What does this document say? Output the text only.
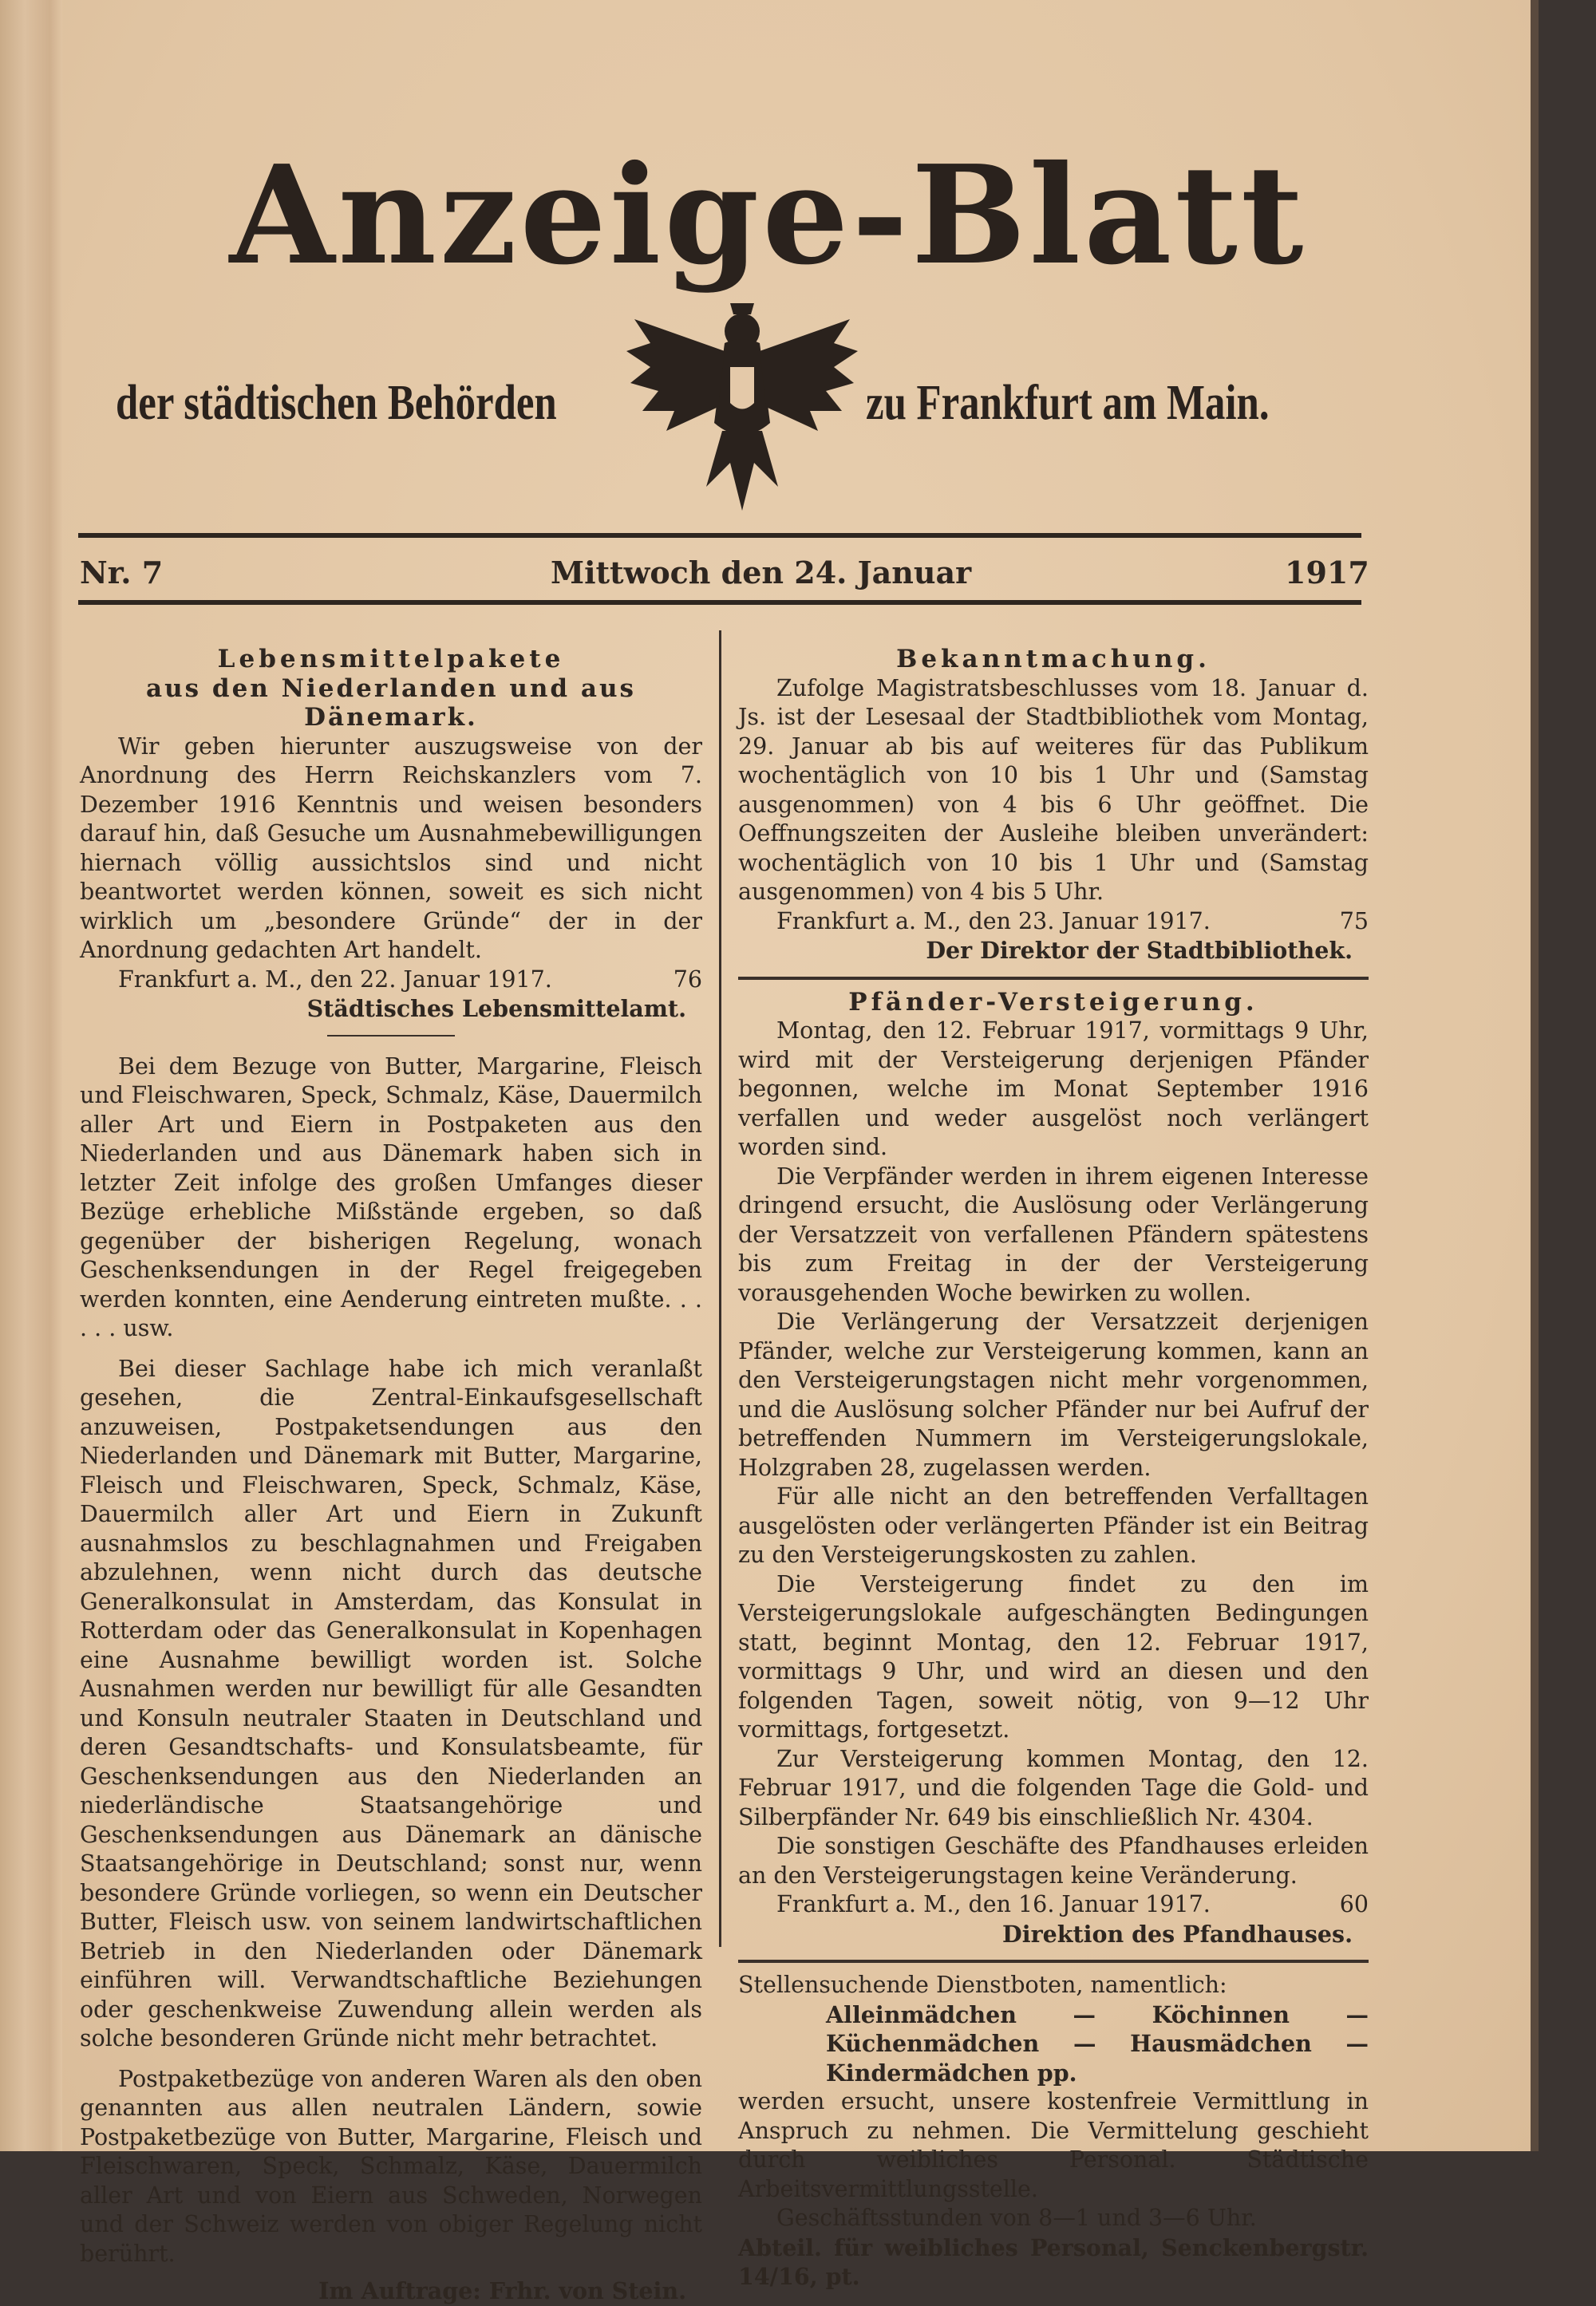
Anzeige-Blatt
der städtischen Behörden	zu Frankfurt am Main.
Nr. 7	Mittwoch den 24. Januar	1917

Lebensmittelpakete

aus den Niederlanden und aus Dänemark.

Wir geben hierunter auszugsweise von der Anordnung des Herrn Reichskanzlers vom 7. Dezember 1916 Kenntnis und weisen besonders darauf hin, daß Gesuche um Ausnahmebewilligungen hiernach völlig aussichtslos sind und nicht beantwortet werden können, soweit es sich nicht wirklich um „besondere Gründe“ der in der Anordnung gedachten Art handelt.

Frankfurt a. M., den 22. Januar 1917.	76
Städtisches Lebensmittelamt.

Bei dem Bezuge von Butter, Margarine, Fleisch und Fleischwaren, Speck, Schmalz, Käse, Dauermilch aller Art und Eiern in Postpaketen aus den Niederlanden und aus Dänemark haben sich in letzter Zeit infolge des großen Umfanges dieser Bezüge erhebliche Mißstände ergeben, so daß gegenüber der bisherigen Regelung, wonach Geschenksendungen in der Regel freigegeben werden konnten, eine Aenderung eintreten mußte. . . . . . usw.

Bei dieser Sachlage habe ich mich veranlaßt gesehen, die Zentral-Einkaufsgesellschaft anzuweisen, Postpaketsendungen aus den Niederlanden und Dänemark mit Butter, Margarine, Fleisch und Fleischwaren, Speck, Schmalz, Käse, Dauermilch aller Art und Eiern in Zukunft ausnahmslos zu beschlagnahmen und Freigaben abzulehnen, wenn nicht durch das deutsche Generalkonsulat in Amsterdam, das Konsulat in Rotterdam oder das Generalkonsulat in Kopenhagen eine Ausnahme bewilligt worden ist. Solche Ausnahmen werden nur bewilligt für alle Gesandten und Konsuln neutraler Staaten in Deutschland und deren Gesandtschafts- und Konsulatsbeamte, für Geschenksendungen aus den Niederlanden an niederländische Staatsangehörige und Geschenksendungen aus Dänemark an dänische Staatsangehörige in Deutschland; sonst nur, wenn besondere Gründe vorliegen, so wenn ein Deutscher Butter, Fleisch usw. von seinem landwirtschaftlichen Betrieb in den Niederlanden oder Dänemark einführen will. Verwandtschaftliche Beziehungen oder geschenkweise Zuwendung allein werden als solche besonderen Gründe nicht mehr betrachtet.

Postpaketbezüge von anderen Waren als den oben genannten aus allen neutralen Ländern, sowie Postpaketbezüge von Butter, Margarine, Fleisch und Fleischwaren, Speck, Schmalz, Käse, Dauermilch aller Art und von Eiern aus Schweden, Norwegen und der Schweiz werden von obiger Regelung nicht berührt.

Im Auftrage: Frhr. von Stein.

Bekanntmachung.

Zufolge Magistratsbeschlusses vom 18. Januar d. Js. ist der Lesesaal der Stadtbibliothek vom Montag, 29. Januar ab bis auf weiteres für das Publikum wochentäglich von 10 bis 1 Uhr und (Samstag ausgenommen) von 4 bis 6 Uhr geöffnet. Die Oeffnungszeiten der Ausleihe bleiben unverändert: wochentäglich von 10 bis 1 Uhr und (Samstag ausgenommen) von 4 bis 5 Uhr.

Frankfurt a. M., den 23. Januar 1917.	75
Der Direktor der Stadtbibliothek.

Pfänder-Versteigerung.

Montag, den 12. Februar 1917, vormittags 9 Uhr, wird mit der Versteigerung derjenigen Pfänder begonnen, welche im Monat September 1916 verfallen und weder ausgelöst noch verlängert worden sind.

Die Verpfänder werden in ihrem eigenen Interesse dringend ersucht, die Auslösung oder Verlängerung der Versatzzeit von verfallenen Pfändern spätestens bis zum Freitag in der der Versteigerung vorausgehenden Woche bewirken zu wollen.

Die Verlängerung der Versatzzeit derjenigen Pfänder, welche zur Versteigerung kommen, kann an den Versteigerungstagen nicht mehr vorgenommen, und die Auslösung solcher Pfänder nur bei Aufruf der betreffenden Nummern im Versteigerungslokale, Holzgraben 28, zugelassen werden.

Für alle nicht an den betreffenden Verfalltagen ausgelösten oder verlängerten Pfänder ist ein Beitrag zu den Versteigerungskosten zu zahlen.

Die Versteigerung findet zu den im Versteigerungslokale aufgeschängten Bedingungen statt, beginnt Montag, den 12. Februar 1917, vormittags 9 Uhr, und wird an diesen und den folgenden Tagen, soweit nötig, von 9—12 Uhr vormittags, fortgesetzt.

Zur Versteigerung kommen Montag, den 12. Februar 1917, und die folgenden Tage die Gold- und Silberpfänder Nr. 649 bis einschließlich Nr. 4304.

Die sonstigen Geschäfte des Pfandhauses erleiden an den Versteigerungstagen keine Veränderung.

Frankfurt a. M., den 16. Januar 1917.	60
Direktion des Pfandhauses.

Stellensuchende Dienstboten, namentlich:

Alleinmädchen — Köchinnen — Küchenmädchen — Hausmädchen — Kindermädchen pp.

werden ersucht, unsere kostenfreie Vermittlung in Anspruch zu nehmen. Die Vermittelung geschieht durch weibliches Personal. Städtische Arbeitsvermittlungsstelle.

Geschäftsstunden von 8—1 und 3—6 Uhr.

Abteil. für weibliches Personal, Senckenbergstr. 14/16, pt.
